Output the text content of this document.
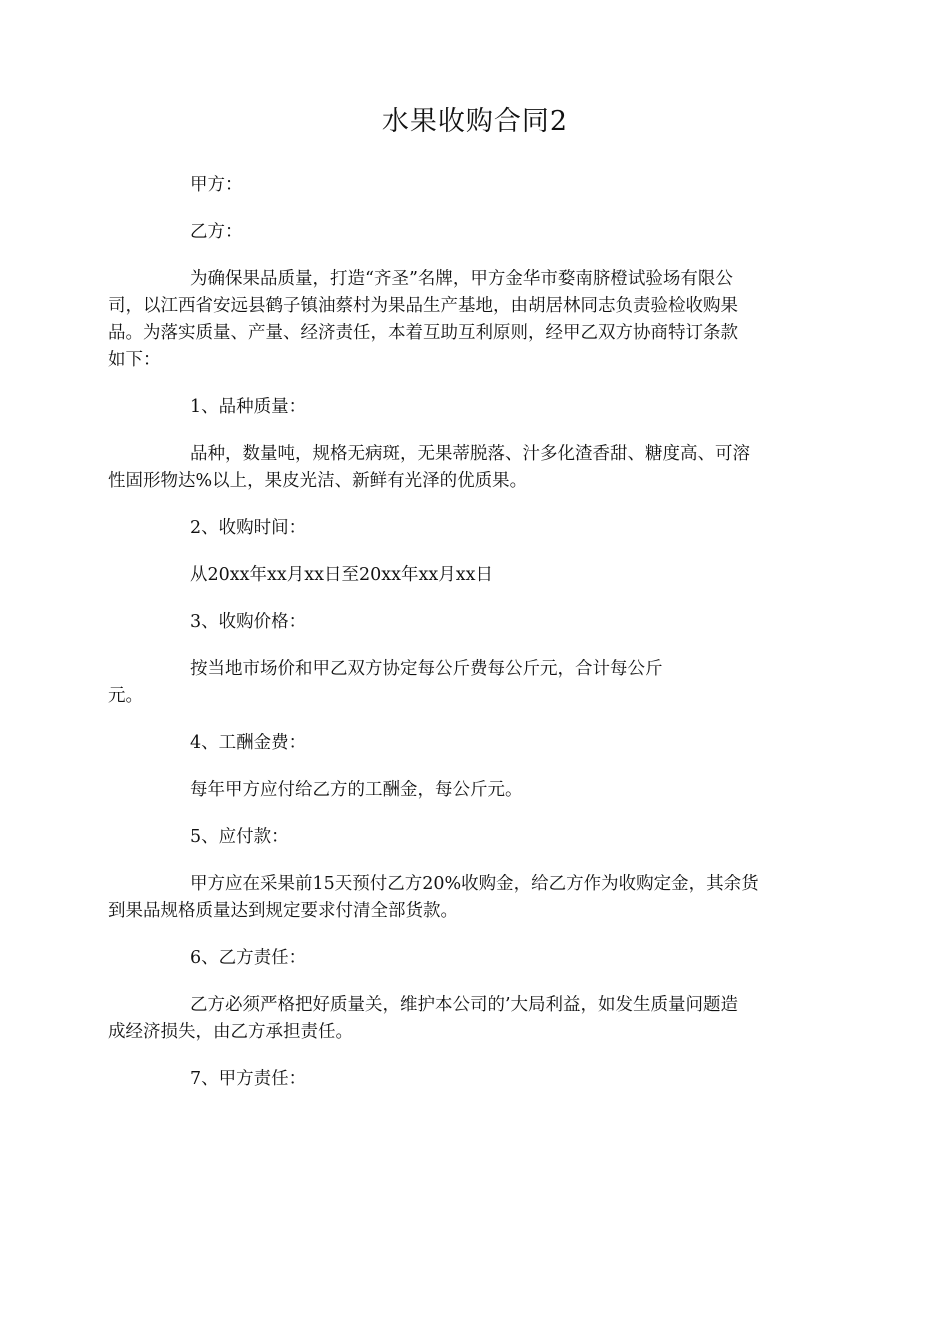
水果收购合同2
甲方：
乙方：
为确保果品质量，打造“齐圣”名牌，甲方金华市婺南脐橙试验场有限公
司，以江西省安远县鹤子镇油蔡村为果品生产基地，由胡居林同志负责验检收购果
品。为落实质量、产量、经济责任，本着互助互利原则，经甲乙双方协商特订条款
如下：
1、品种质量：
品种，数量吨，规格无病斑，无果蒂脱落、汁多化渣香甜、糖度高、可溶
性固形物达%以上，果皮光洁、新鲜有光泽的优质果。
2、收购时间：
从20xx年xx月xx日至20xx年xx月xx日
3、收购价格：
按当地市场价和甲乙双方协定每公斤费每公斤元，合计每公斤
元。
4、工酬金费：
每年甲方应付给乙方的工酬金，每公斤元。
5、应付款：
甲方应在采果前15天预付乙方20%收购金，给乙方作为收购定金，其余货
到果品规格质量达到规定要求付清全部货款。
6、乙方责任：
乙方必须严格把好质量关，维护本公司的’大局利益，如发生质量问题造
成经济损失，由乙方承担责任。
7、甲方责任：
